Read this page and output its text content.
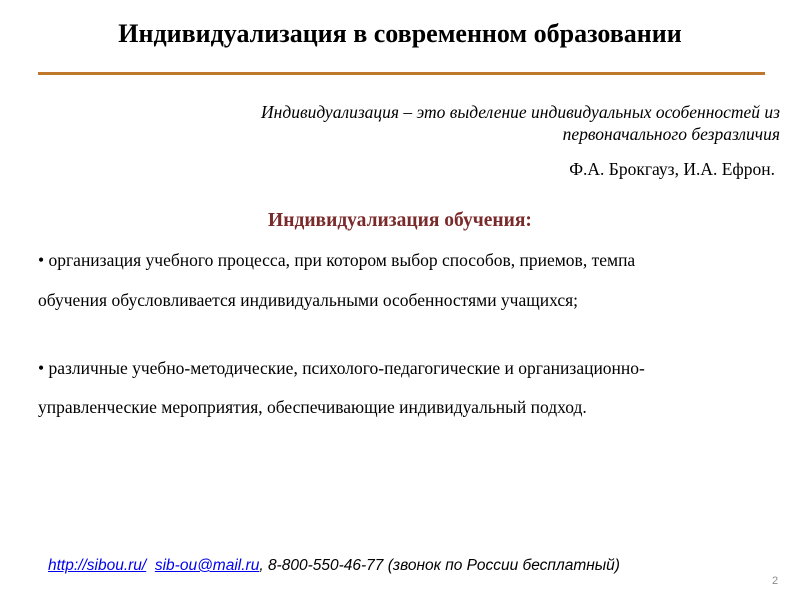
Индивидуализация в современном образовании
Индивидуализация – это выделение индивидуальных особенностей из
первоначального безразличия
Ф.А. Брокгауз, И.А. Ефрон.
Индивидуализация обучения:
• организация учебного процесса, при котором выбор способов, приемов, темпа
обучения обусловливается индивидуальными особенностями учащихся;
• различные учебно-методические, психолого-педагогические и организационно-
управленческие мероприятия, обеспечивающие индивидуальный подход.
http://sibou.ru/ sib-ou@mail.ru, 8-800-550-46-77 (звонок по России бесплатный)
2
